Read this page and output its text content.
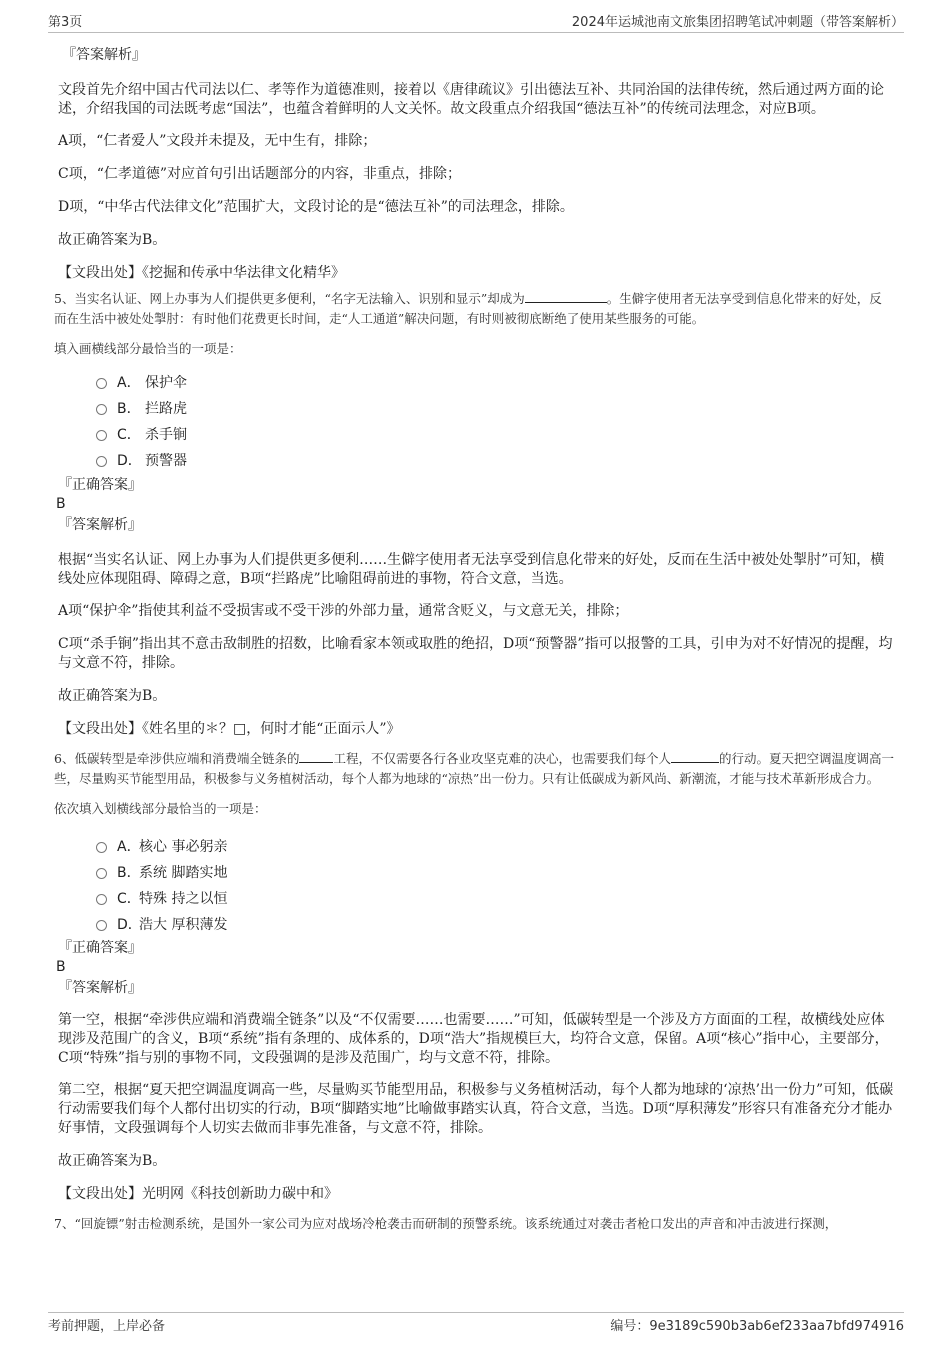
第3页	2024年运城池南文旅集团招聘笔试冲刺题（带答案解析）
『答案解析』

文段首先介绍中国古代司法以仁、孝等作为道德准则，接着以《唐律疏议》引出德法互补、共同治国的法律传统，然后通过两方面的论述，介绍我国的司法既考虑“国法”，也蕴含着鲜明的人文关怀。故文段重点介绍我国“德法互补”的传统司法理念，对应B项。

A项，“仁者爱人”文段并未提及，无中生有，排除；

C项，“仁孝道德”对应首句引出话题部分的内容，非重点，排除；

D项，“中华古代法律文化”范围扩大，文段讨论的是“德法互补”的司法理念，排除。

故正确答案为B。

【文段出处】《挖掘和传承中华法律文化精华》

5、当实名认证、网上办事为人们提供更多便利，“名字无法输入、识别和显示”却成为	。生僻字使用者无法享受到信息化带来的好处，反而在生活中被处处掣肘：有时他们花费更长时间，走“人工通道”解决问题，有时则被彻底断绝了使用某些服务的可能。

填入画横线部分最恰当的一项是：

A． 保护伞
B． 拦路虎
C． 杀手锏
D． 预警器
『正确答案』
B
『答案解析』

根据“当实名认证、网上办事为人们提供更多便利……生僻字使用者无法享受到信息化带来的好处，反而在生活中被处处掣肘”可知，横线处应体现阻碍、障碍之意，B项“拦路虎”比喻阻碍前进的事物，符合文意，当选。

A项“保护伞”指使其利益不受损害或不受干涉的外部力量，通常含贬义，与文意无关，排除；

C项“杀手锏”指出其不意击敌制胜的招数，比喻看家本领或取胜的绝招，D项“预警器”指可以报警的工具，引申为对不好情况的提醒，均与文意不符，排除。

故正确答案为B。

【文段出处】《姓名里的＊？□，何时才能“正面示人”》

6、低碳转型是牵涉供应端和消费端全链条的	工程，不仅需要各行各业攻坚克难的决心，也需要我们每个人	的行动。夏天把空调温度调高一些，尽量购买节能型用品，积极参与义务植树活动，每个人都为地球的“凉热”出一份力。只有让低碳成为新风尚、新潮流，才能与技术革新形成合力。

依次填入划横线部分最恰当的一项是：

A．
核心 事必躬亲
B．
系统 脚踏实地
C．
特殊 持之以恒
D．
浩大 厚积薄发
『正确答案』
B
『答案解析』

第一空，根据“牵涉供应端和消费端全链条”以及“不仅需要……也需要……”可知，低碳转型是一个涉及方方面面的工程，故横线处应体现涉及范围广的含义，B项“系统”指有条理的、成体系的，D项“浩大”指规模巨大，均符合文意，保留。A项“核心”指中心，主要部分，C项“特殊”指与别的事物不同，文段强调的是涉及范围广，均与文意不符，排除。

第二空，根据“夏天把空调温度调高一些，尽量购买节能型用品，积极参与义务植树活动，每个人都为地球的‘凉热’出一份力”可知，低碳行动需要我们每个人都付出切实的行动，B项“脚踏实地”比喻做事踏实认真，符合文意，当选。D项“厚积薄发”形容只有准备充分才能办好事情，文段强调每个人切实去做而非事先准备，与文意不符，排除。

故正确答案为B。

【文段出处】光明网《科技创新助力碳中和》

7、“回旋镖”射击检测系统，是国外一家公司为应对战场冷枪袭击而研制的预警系统。该系统通过对袭击者枪口发出的声音和冲击波进行探测，

考前押题，上岸必备	编号：9e3189c590b3ab6ef233aa7bfd974916
